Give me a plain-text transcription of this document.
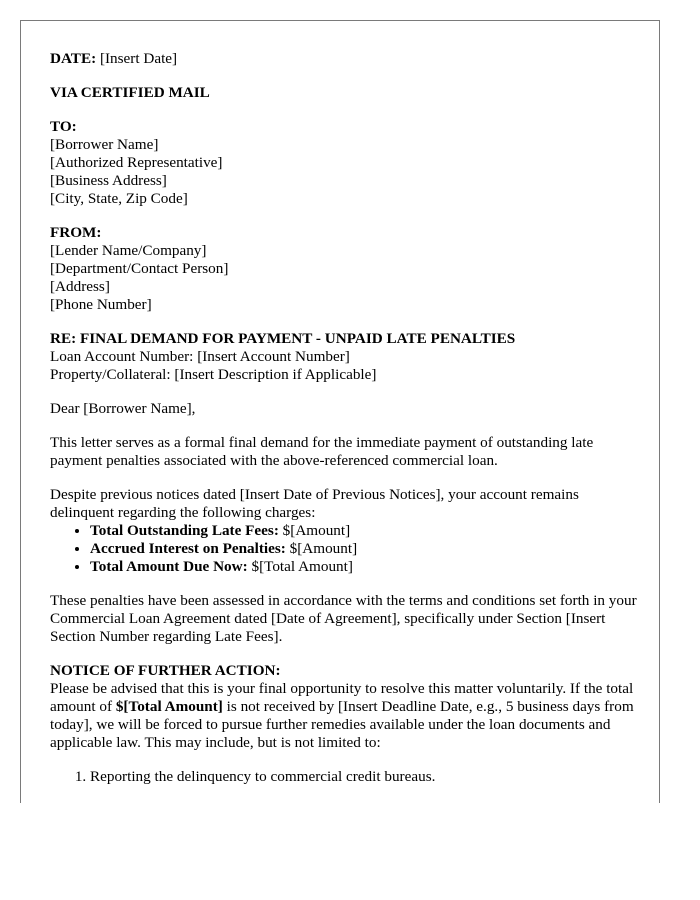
DATE: [Insert Date]

VIA CERTIFIED MAIL

TO:
[Borrower Name]
[Authorized Representative]
[Business Address]
[City, State, Zip Code]

FROM:
[Lender Name/Company]
[Department/Contact Person]
[Address]
[Phone Number]

RE: FINAL DEMAND FOR PAYMENT - UNPAID LATE PENALTIES
Loan Account Number: [Insert Account Number]
Property/Collateral: [Insert Description if Applicable]

Dear [Borrower Name],

This letter serves as a formal final demand for the immediate payment of outstanding late payment penalties associated with the above-referenced commercial loan.

Despite previous notices dated [Insert Date of Previous Notices], your account remains delinquent regarding the following charges:

• Total Outstanding Late Fees: $[Amount]
• Accrued Interest on Penalties: $[Amount]
• Total Amount Due Now: $[Total Amount]

These penalties have been assessed in accordance with the terms and conditions set forth in your Commercial Loan Agreement dated [Date of Agreement], specifically under Section [Insert Section Number regarding Late Fees].

NOTICE OF FURTHER ACTION:
Please be advised that this is your final opportunity to resolve this matter voluntarily. If the total amount of $[Total Amount] is not received by [Insert Deadline Date, e.g., 5 business days from today], we will be forced to pursue further remedies available under the loan documents and applicable law. This may include, but is not limited to:

1. Reporting the delinquency to commercial credit bureaus.
